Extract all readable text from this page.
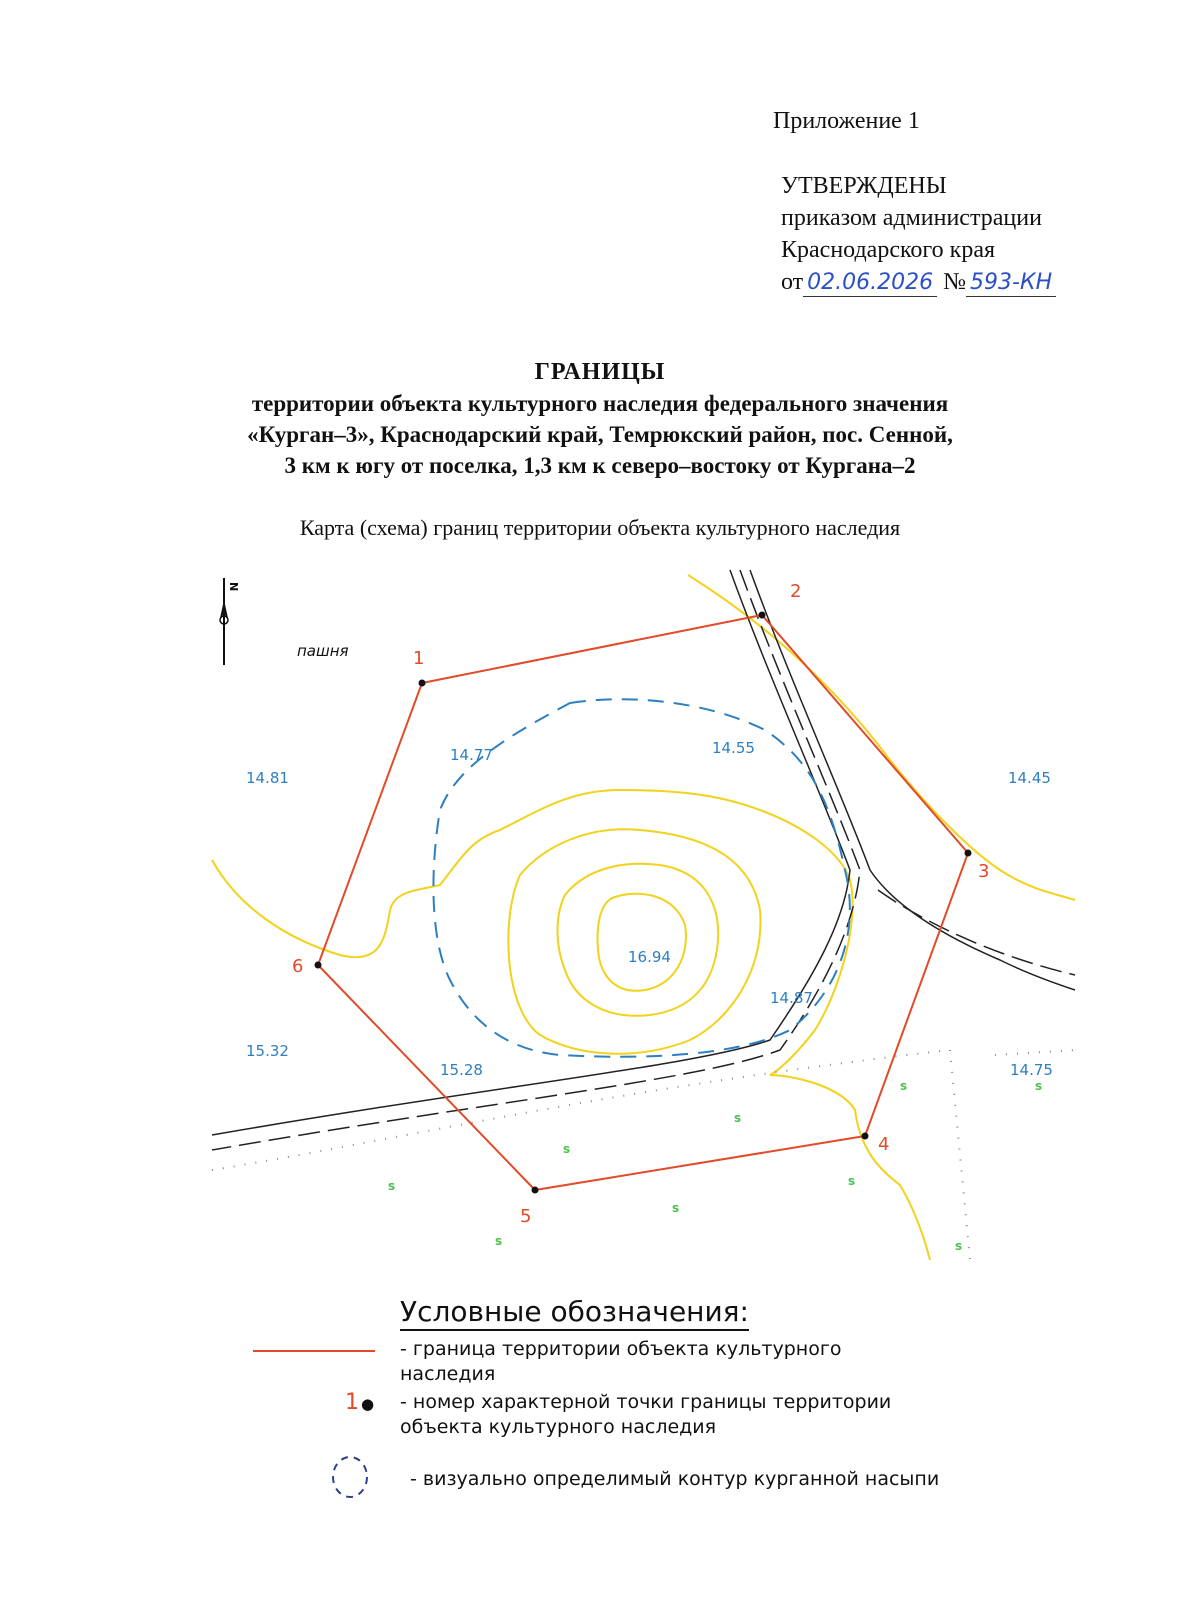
Приложение 1
УТВЕРЖДЕНЫ
приказом администрации
Краснодарского края
от 02.06.2026 № 593-КН
ГРАНИЦЫ
территории объекта культурного наследия федерального значения
«Курган–3», Краснодарский край, Темрюкский район, пос. Сенной,
3 км к югу от поселка, 1,3 км к северо–востоку от Кургана–2
Карта (схема) границ территории объекта культурного наследия
N
пашня	1
2
3
4
5
6
14.81
14.77	14.55
14.45
16.94
14.87
15.32
15.28	14.75
s
s
s
s
s
s
s
s
s
Условные обозначения:
- граница территории объекта культурного
наследия
1 ● - номер характерной точки границы территории
объекта культурного наследия
- визуально определимый контур курганной насыпи
